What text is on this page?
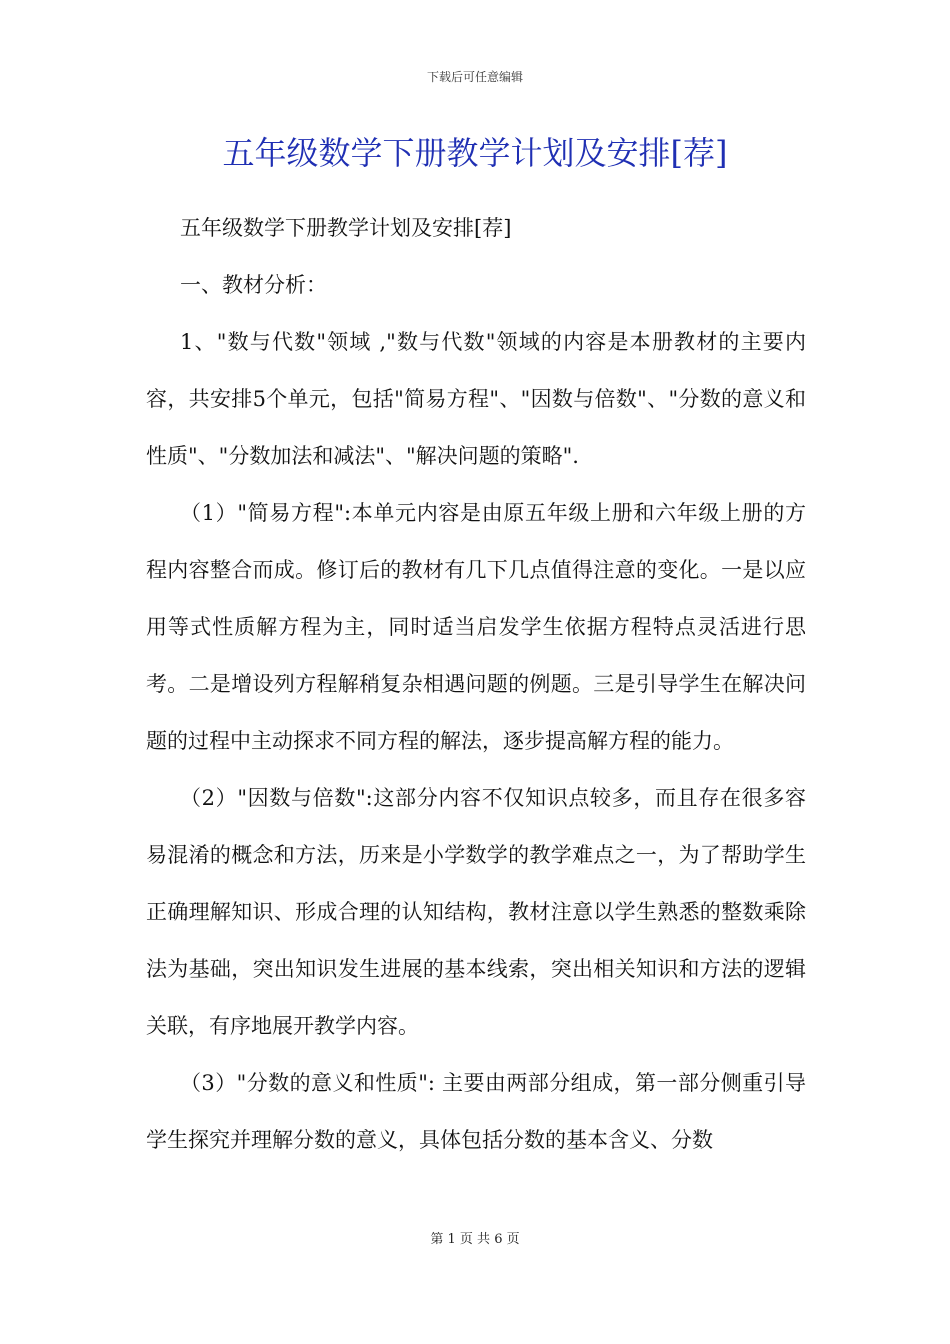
下载后可任意编辑
五年级数学下册教学计划及安排[荐]

五年级数学下册教学计划及安排[荐]

一、教材分析：

1、"数与代数"领域 ,"数与代数"领域的内容是本册教材的主要内容，共安排5个单元，包括"简易方程"、"因数与倍数"、"分数的意义和性质"、"分数加法和减法"、"解决问题的策略".

（1）"简易方程":本单元内容是由原五年级上册和六年级上册的方程内容整合而成。修订后的教材有几下几点值得注意的变化。一是以应用等式性质解方程为主，同时适当启发学生依据方程特点灵活进行思考。二是增设列方程解稍复杂相遇问题的例题。三是引导学生在解决问题的过程中主动探求不同方程的解法，逐步提高解方程的能力。

（2）"因数与倍数":这部分内容不仅知识点较多，而且存在很多容易混淆的概念和方法，历来是小学数学的教学难点之一，为了帮助学生正确理解知识、形成合理的认知结构，教材注意以学生熟悉的整数乘除法为基础，突出知识发生进展的基本线索，突出相关知识和方法的逻辑关联，有序地展开教学内容。

（3）"分数的意义和性质": 主要由两部分组成，第一部分侧重引导学生探究并理解分数的意义，具体包括分数的基本含义、分数

第 1 页 共 6 页
